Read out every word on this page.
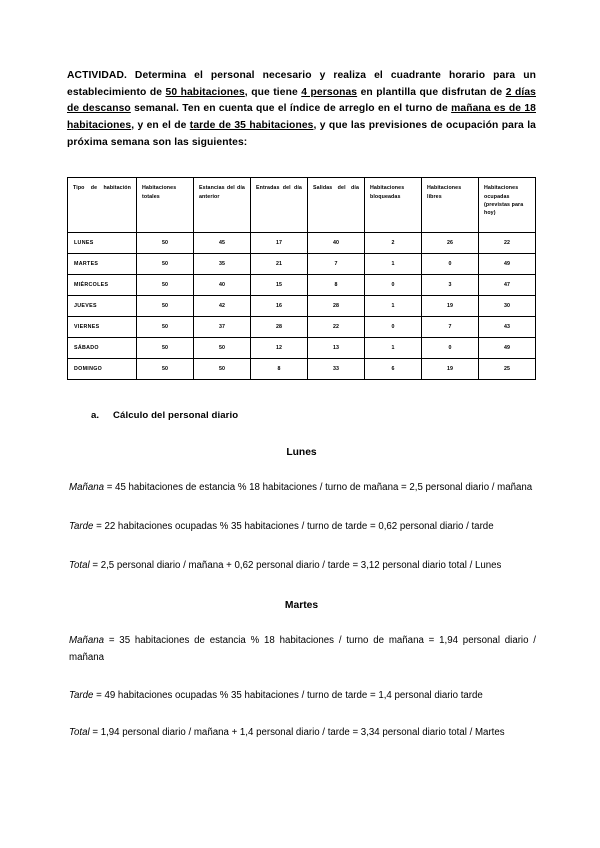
ACTIVIDAD. Determina el personal necesario y realiza el cuadrante horario para un establecimiento de 50 habitaciones, que tiene 4 personas en plantilla que disfrutan de 2 días de descanso semanal. Ten en cuenta que el índice de arreglo en el turno de mañana es de 18 habitaciones, y en el de tarde de 35 habitaciones, y que las previsiones de ocupación para la próxima semana son las siguientes:

Tipo de habitación	Habitaciones totales	Estancias del día anterior	Entradas del día	Salidas del día	Habitaciones bloqueadas	Habitaciones libres	Habitaciones ocupadas (previstas para hoy)
LUNES	50	45	17	40	2	26	22
MARTES	50	35	21	7	1	0	49
MIÉRCOLES	50	40	15	8	0	3	47
JUEVES	50	42	16	28	1	19	30
VIERNES	50	37	28	22	0	7	43
SÁBADO	50	50	12	13	1	0	49
DOMINGO	50	50	8	33	6	19	25
a. Cálculo del personal diario
Lunes

Mañana = 45 habitaciones de estancia % 18 habitaciones / turno de mañana = 2,5 personal diario / mañana

Tarde = 22 habitaciones ocupadas % 35 habitaciones / turno de tarde = 0,62 personal diario / tarde

Total = 2,5 personal diario / mañana + 0,62 personal diario / tarde = 3,12 personal diario total / Lunes

Martes

Mañana = 35 habitaciones de estancia % 18 habitaciones / turno de mañana = 1,94 personal diario / mañana

Tarde = 49 habitaciones ocupadas % 35 habitaciones / turno de tarde = 1,4 personal diario tarde

Total = 1,94 personal diario / mañana + 1,4 personal diario / tarde = 3,34 personal diario total / Martes
